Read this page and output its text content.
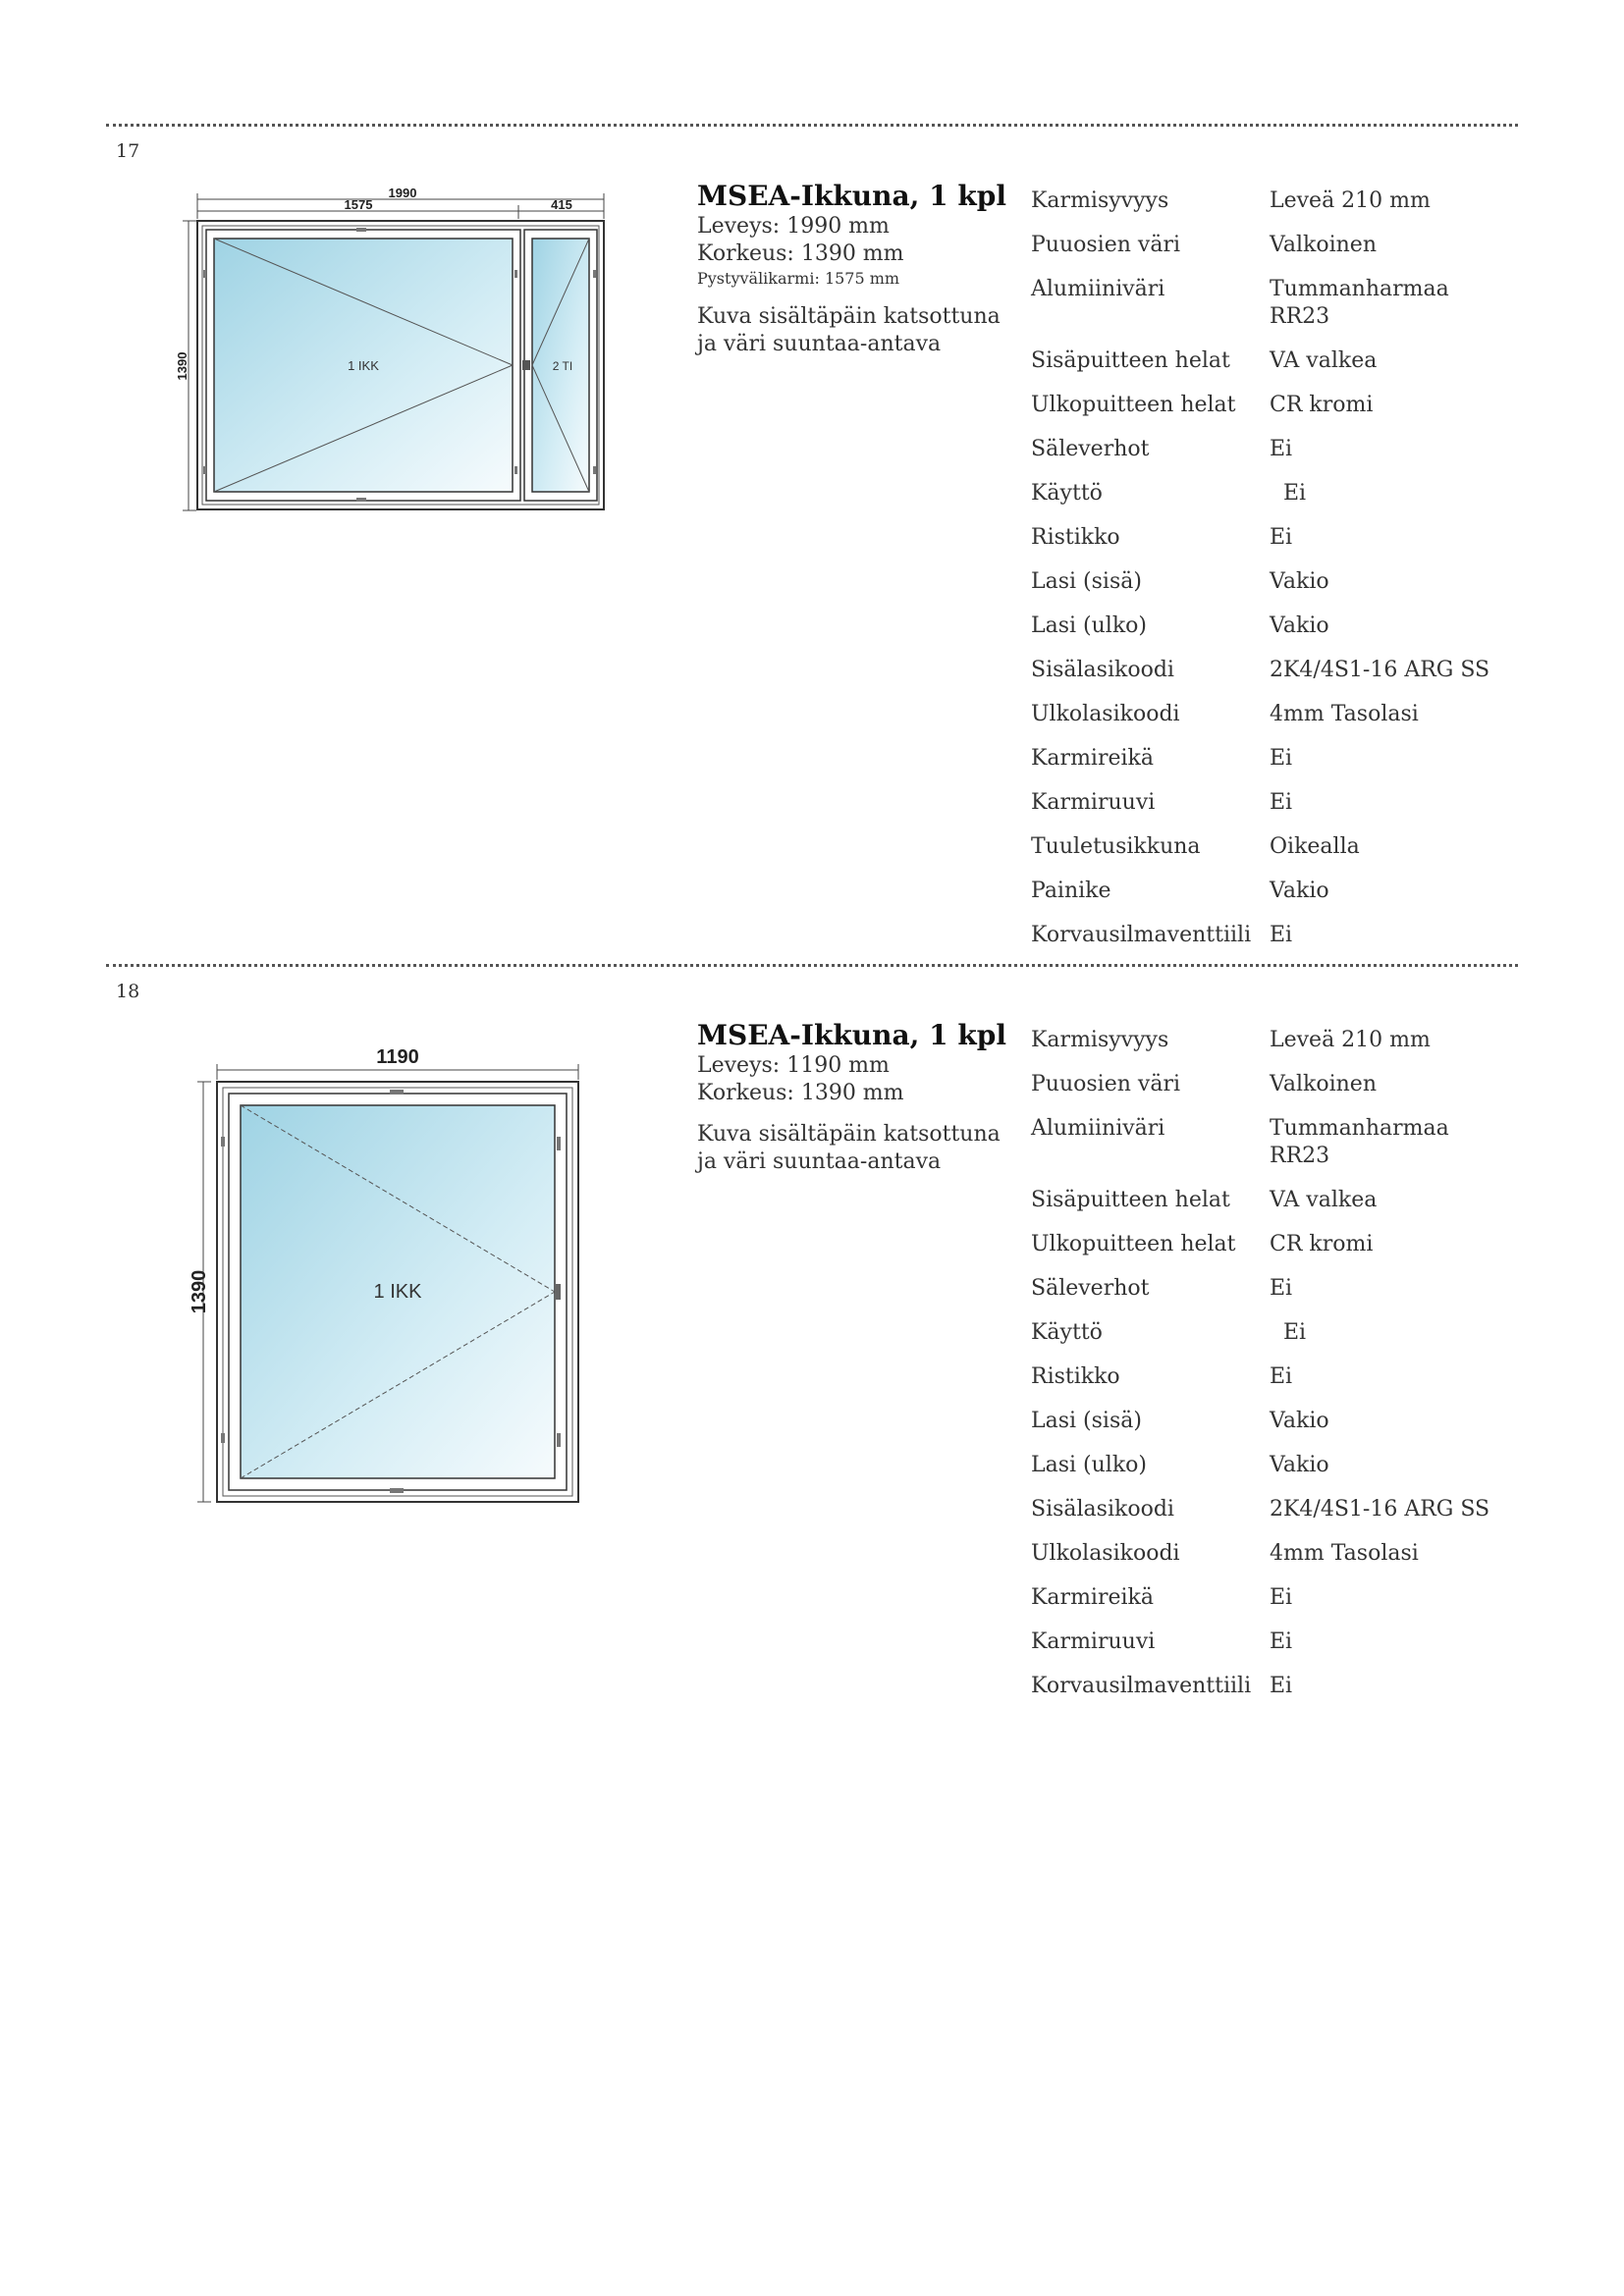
17
1990
1575	415
1390	1 IKK	2 TI
MSEA-Ikkuna, 1 kpl
Leveys: 1990 mm
Korkeus: 1390 mm
Pystyvälikarmi: 1575 mm
Kuva sisältäpäin katsottuna
ja väri suuntaa-antava
Karmisyvyys	Leveä 210 mm
Puuosien väri	Valkoinen
Alumiiniväri	Tummanharmaa RR23
Sisäpuitteen helat	VA valkea
Ulkopuitteen helat	CR kromi
Säleverhot	Ei
Käyttö	Ei
Ristikko	Ei
Lasi (sisä)	Vakio
Lasi (ulko)	Vakio
Sisälasikoodi	2K4/4S1-16 ARG SS
Ulkolasikoodi	4mm Tasolasi
Karmireikä	Ei
Karmiruuvi	Ei
Tuuletusikkuna	Oikealla
Painike	Vakio
Korvausilmaventtiili Ei
18
1190
1390	1 IKK
MSEA-Ikkuna, 1 kpl
Leveys: 1190 mm
Korkeus: 1390 mm
Kuva sisältäpäin katsottuna
ja väri suuntaa-antava
Karmisyvyys	Leveä 210 mm
Puuosien väri	Valkoinen
Alumiiniväri	Tummanharmaa RR23
Sisäpuitteen helat	VA valkea
Ulkopuitteen helat	CR kromi
Säleverhot	Ei
Käyttö	Ei
Ristikko	Ei
Lasi (sisä)	Vakio
Lasi (ulko)	Vakio
Sisälasikoodi	2K4/4S1-16 ARG SS
Ulkolasikoodi	4mm Tasolasi
Karmireikä	Ei
Karmiruuvi	Ei
Korvausilmaventtiili Ei
